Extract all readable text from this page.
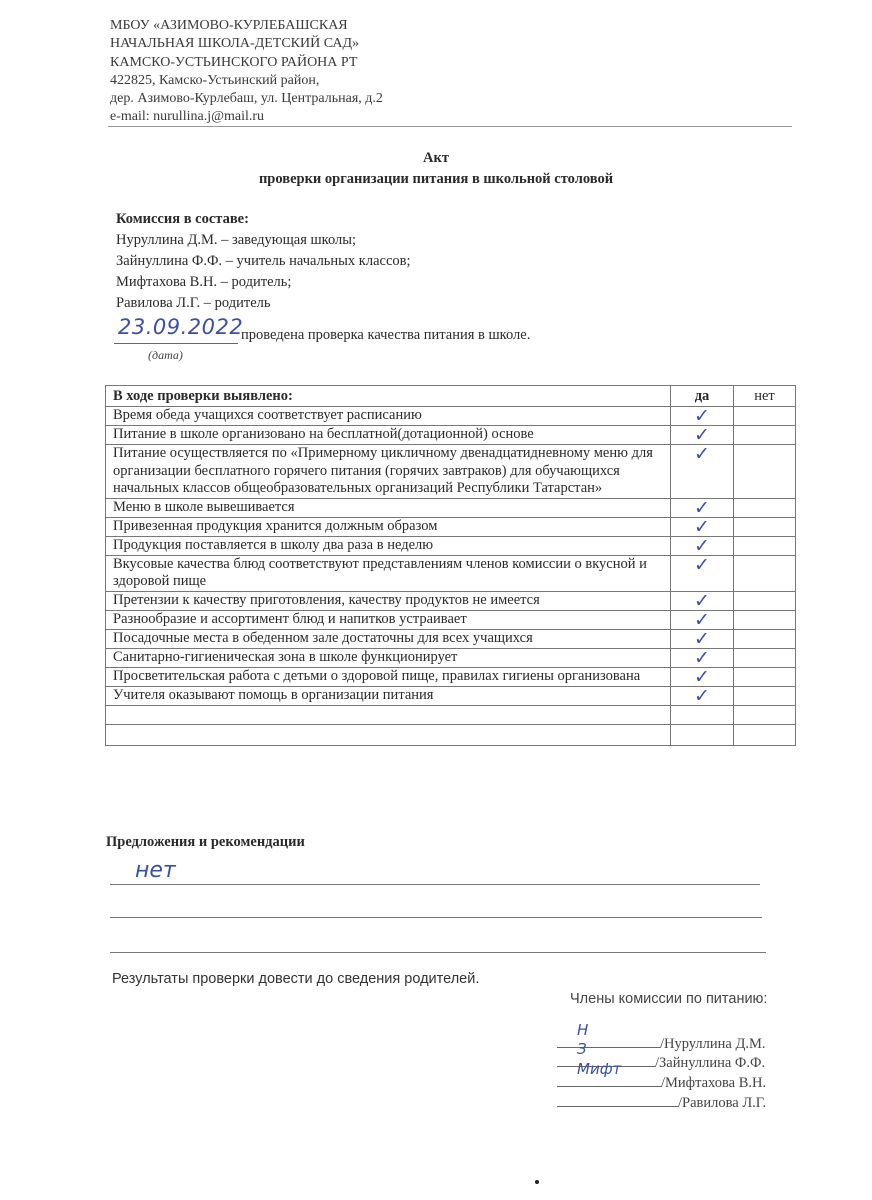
МБОУ «АЗИМОВО-КУРЛЕБАШСКАЯ
НАЧАЛЬНАЯ ШКОЛА-ДЕТСКИЙ САД»
КАМСКО-УСТЬИНСКОГО РАЙОНА РТ
422825, Камско-Устьинский район,
дер. Азимово-Курлебаш, ул. Центральная, д.2
e-mail: nurullina.j@mail.ru
Акт
проверки организации питания в школьной столовой
Комиссия в составе:
Нуруллина Д.М. – заведующая школы;
Зайнуллина Ф.Ф. – учитель начальных классов;
Мифтахова В.Н. – родитель;
Равилова Л.Г. – родитель
23.09.2022
проведена проверка качества питания в школе.
(дата)
В ходе проверки выявлено:	да	нет
Время обеда учащихся соответствует расписанию	✓	
Питание в школе организовано на бесплатной(дотационной) основе	✓	
Питание осуществляется по «Примерному цикличному двенадцатидневному меню для организации бесплатного горячего питания (горячих завтраков) для обучающихся начальных классов общеобразовательных организаций Республики Татарстан»	✓	
Меню в школе вывешивается	✓	
Привезенная продукция хранится должным образом	✓	
Продукция поставляется в школу два раза в неделю	✓	
Вкусовые качества блюд соответствуют представлениям членов комиссии о вкусной и здоровой пище	✓	
Претензии к качеству приготовления, качеству продуктов не имеется	✓	
Разнообразие и ассортимент блюд и напитков устраивает	✓	
Посадочные места в обеденном зале достаточны для всех учащихся	✓	
Санитарно-гигиеническая зона в школе функционирует	✓	
Просветительская работа с детьми о здоровой пище, правилах гигиены организована	✓	
Учителя оказывают помощь в организации питания	✓	

Предложения и рекомендации
нет
Результаты проверки довести до сведения родителей.
Члены комиссии по питанию:
Н
/Нуруллина Д.М.
З
/Зайнуллина Ф.Ф.
Мифт
/Мифтахова В.Н.
/Равилова Л.Г.
